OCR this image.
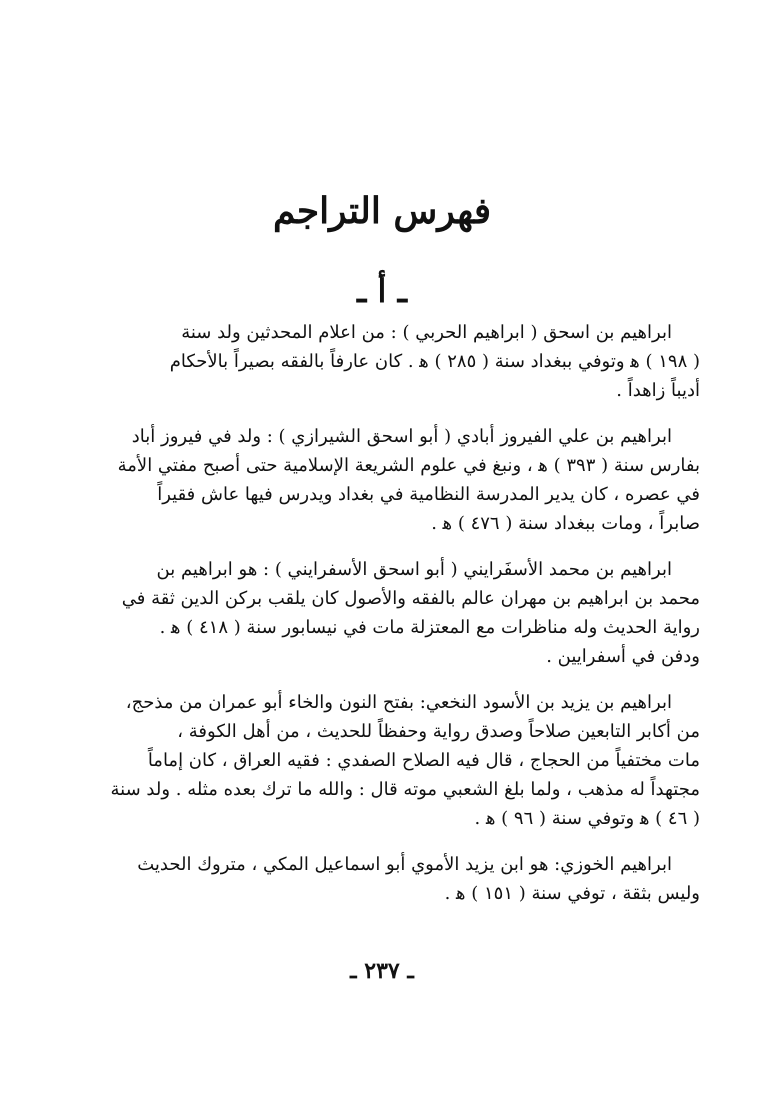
فهرس التراجم
ـ أ ـ
ابراهيم بن اسحق ( ابراهيم الحربي ) : من اعلام المحدثين ولد سنة
( ١٩٨ ) ﻫ وتوفي ببغداد سنة ( ٢٨٥ ) ﻫ . كان عارفاً بالفقه بصيراً بالأحكام
أديباً زاهداً .
ابراهيم بن علي الفيروز أبادي ( أبو اسحق الشيرازي ) : ولد في فيروز أباد
بفارس سنة ( ٣٩٣ ) ﻫ ، ونبغ في علوم الشريعة الإسلامية حتى أصبح مفتي الأمة
في عصره ، كان يدير المدرسة النظامية في بغداد ويدرس فيها عاش فقيراً
صابراً ، ومات ببغداد سنة ( ٤٧٦ ) ﻫ .
ابراهيم بن محمد الأسفَرايني ( أبو اسحق الأسفرايني ) : هو ابراهيم بن
محمد بن ابراهيم بن مهران عالم بالفقه والأصول كان يلقب بركن الدين ثقة في
رواية الحديث وله مناظرات مع المعتزلة مات في نيسابور سنة ( ٤١٨ ) ﻫ .
ودفن في أسفرايين .
ابراهيم بن يزيد بن الأسود النخعي: بفتح النون والخاء أبو عمران من مذحج،
من أكابر التابعين صلاحاً وصدق رواية وحفظاً للحديث ، من أهل الكوفة ،
مات مختفياً من الحجاج ، قال فيه الصلاح الصفدي : فقيه العراق ، كان إماماً
مجتهداً له مذهب ، ولما بلغ الشعبي موته قال : والله ما ترك بعده مثله . ولد سنة
( ٤٦ ) ﻫ وتوفي سنة ( ٩٦ ) ﻫ .
ابراهيم الخوزي: هو ابن يزيد الأموي أبو اسماعيل المكي ، متروك الحديث
وليس بثقة ، توفي سنة ( ١٥١ ) ﻫ .
ـ ٢٣٧ ـ
